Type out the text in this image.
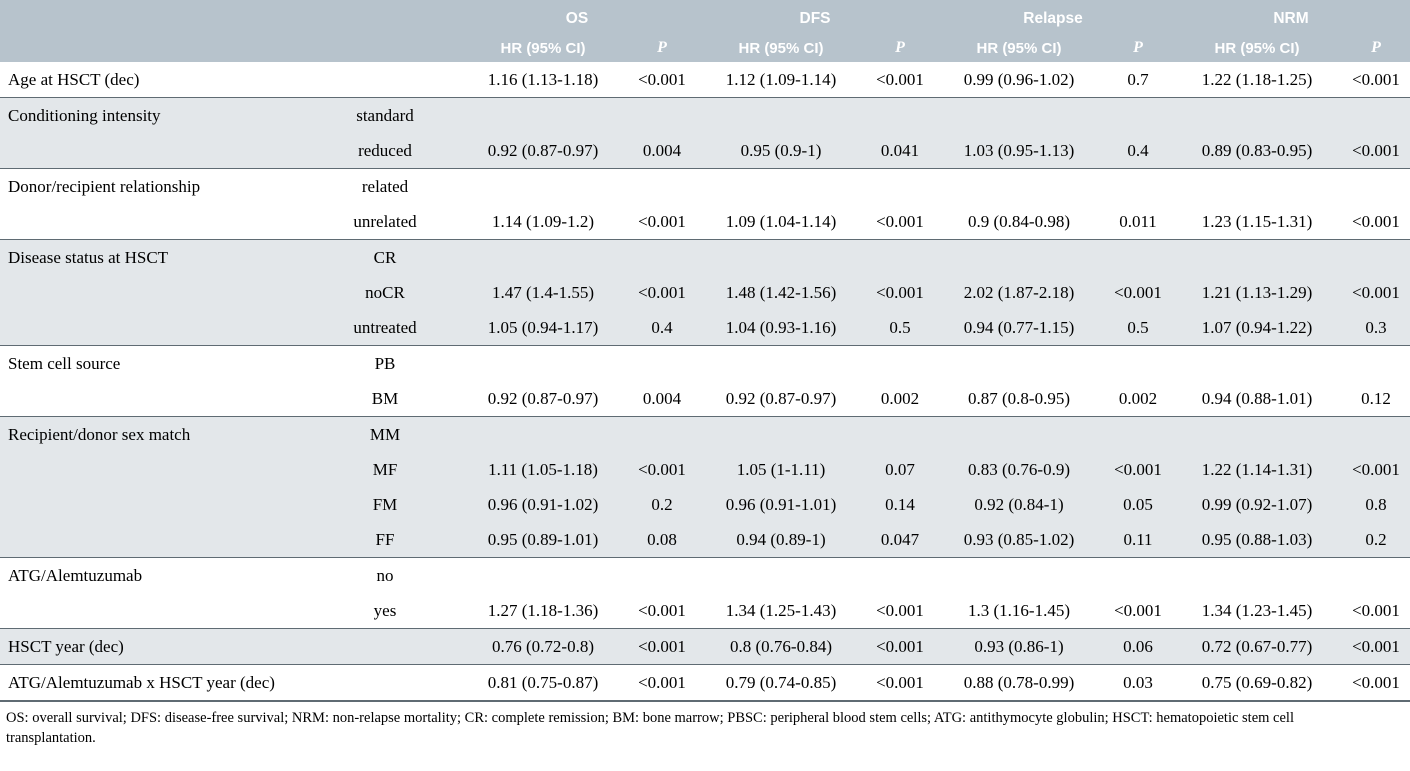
		OS		DFS		Relapse		NRM	
		HR (95% CI)	P	HR (95% CI)	P	HR (95% CI)	P	HR (95% CI)	P
Age at HSCT (dec)		1.16 (1.13-1.18)	<0.001	1.12 (1.09-1.14)	<0.001	0.99 (0.96-1.02)	0.7	1.22 (1.18-1.25)	<0.001
Conditioning intensity	standard								
	reduced	0.92 (0.87-0.97)	0.004	0.95 (0.9-1)	0.041	1.03 (0.95-1.13)	0.4	0.89 (0.83-0.95)	<0.001
Donor/recipient relationship	related								
	unrelated	1.14 (1.09-1.2)	<0.001	1.09 (1.04-1.14)	<0.001	0.9 (0.84-0.98)	0.011	1.23 (1.15-1.31)	<0.001
Disease status at HSCT	CR								
	noCR	1.47 (1.4-1.55)	<0.001	1.48 (1.42-1.56)	<0.001	2.02 (1.87-2.18)	<0.001	1.21 (1.13-1.29)	<0.001
	untreated	1.05 (0.94-1.17)	0.4	1.04 (0.93-1.16)	0.5	0.94 (0.77-1.15)	0.5	1.07 (0.94-1.22)	0.3
Stem cell source	PB								
	BM	0.92 (0.87-0.97)	0.004	0.92 (0.87-0.97)	0.002	0.87 (0.8-0.95)	0.002	0.94 (0.88-1.01)	0.12
Recipient/donor sex match	MM								
	MF	1.11 (1.05-1.18)	<0.001	1.05 (1-1.11)	0.07	0.83 (0.76-0.9)	<0.001	1.22 (1.14-1.31)	<0.001
	FM	0.96 (0.91-1.02)	0.2	0.96 (0.91-1.01)	0.14	0.92 (0.84-1)	0.05	0.99 (0.92-1.07)	0.8
	FF	0.95 (0.89-1.01)	0.08	0.94 (0.89-1)	0.047	0.93 (0.85-1.02)	0.11	0.95 (0.88-1.03)	0.2
ATG/Alemtuzumab	no								
	yes	1.27 (1.18-1.36)	<0.001	1.34 (1.25-1.43)	<0.001	1.3 (1.16-1.45)	<0.001	1.34 (1.23-1.45)	<0.001
HSCT year (dec)		0.76 (0.72-0.8)	<0.001	0.8 (0.76-0.84)	<0.001	0.93 (0.86-1)	0.06	0.72 (0.67-0.77)	<0.001
ATG/Alemtuzumab x HSCT year (dec)		0.81 (0.75-0.87)	<0.001	0.79 (0.74-0.85)	<0.001	0.88 (0.78-0.99)	0.03	0.75 (0.69-0.82)	<0.001
OS: overall survival; DFS: disease-free survival; NRM: non-relapse mortality; CR: complete remission; BM: bone marrow; PBSC: peripheral blood stem cells; ATG: antithymocyte globulin; HSCT: hematopoietic stem cell transplantation.
